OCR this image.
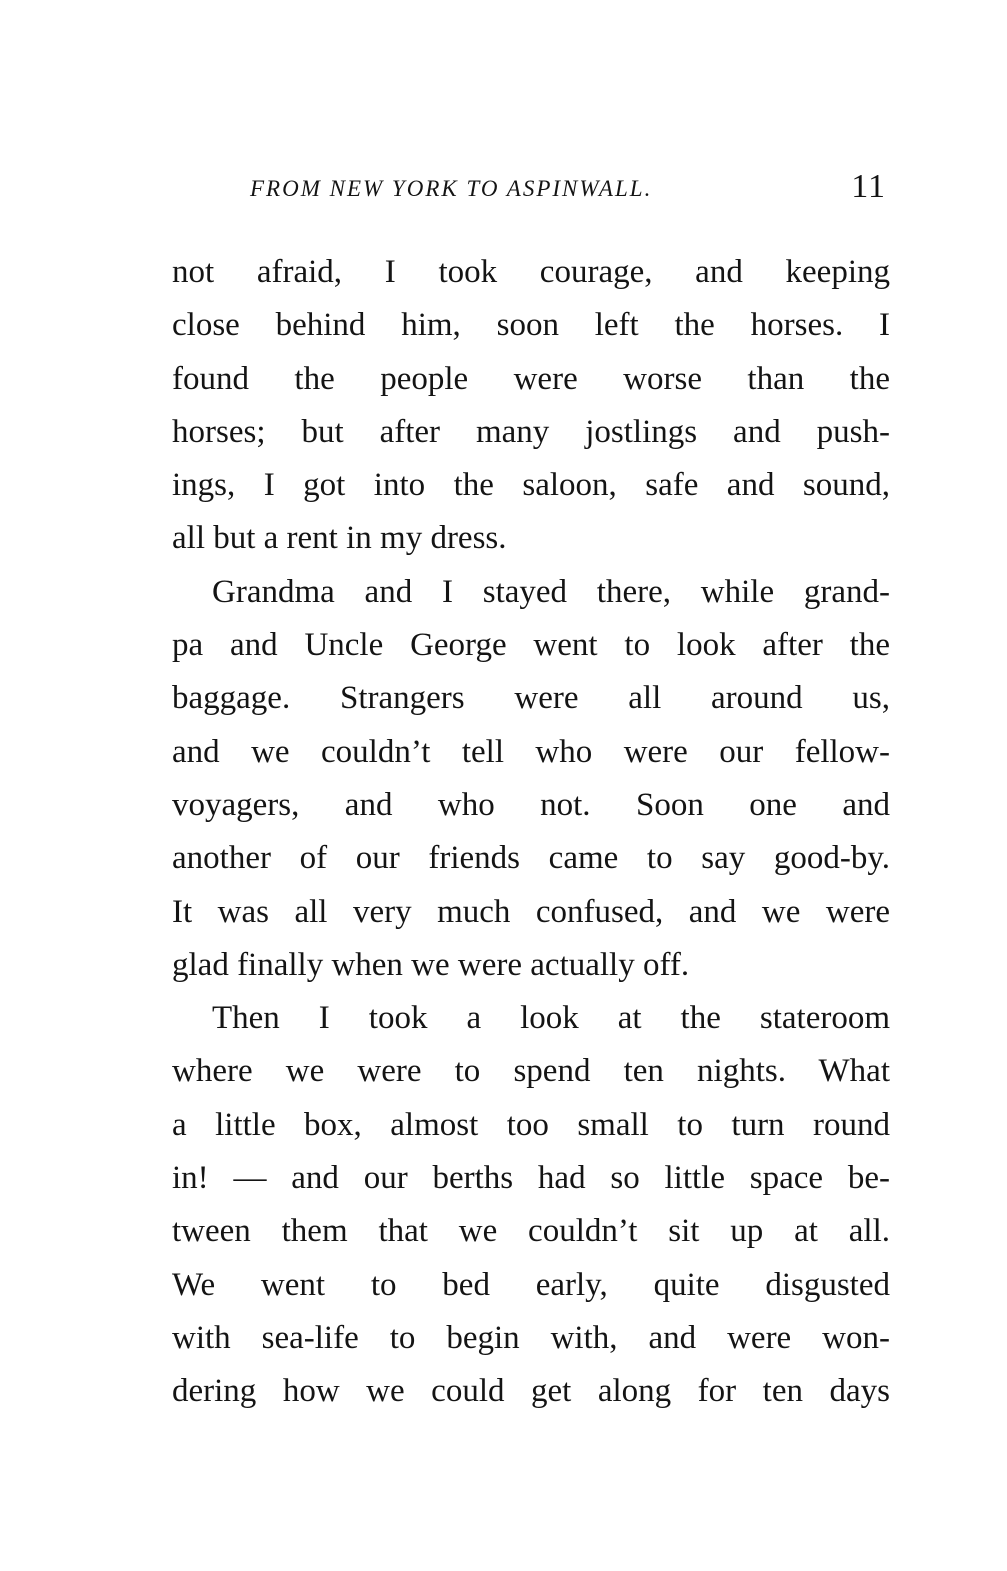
FROM NEW YORK TO ASPINWALL.	11
not afraid, I took courage, and keeping
close behind him, soon left the horses. I
found the people were worse than the
horses; but after many jostlings and push-
ings, I got into the saloon, safe and sound,
all but a rent in my dress.
Grandma and I stayed there, while grand-
pa and Uncle George went to look after the
baggage. Strangers were all around us,
and we couldn’t tell who were our fellow-
voyagers, and who not. Soon one and
another of our friends came to say good-by.
It was all very much confused, and we were
glad finally when we were actually off.
Then I took a look at the stateroom
where we were to spend ten nights. What
a little box, almost too small to turn round
in! — and our berths had so little space be-
tween them that we couldn’t sit up at all.
We went to bed early, quite disgusted
with sea-life to begin with, and were won-
dering how we could get along for ten days
